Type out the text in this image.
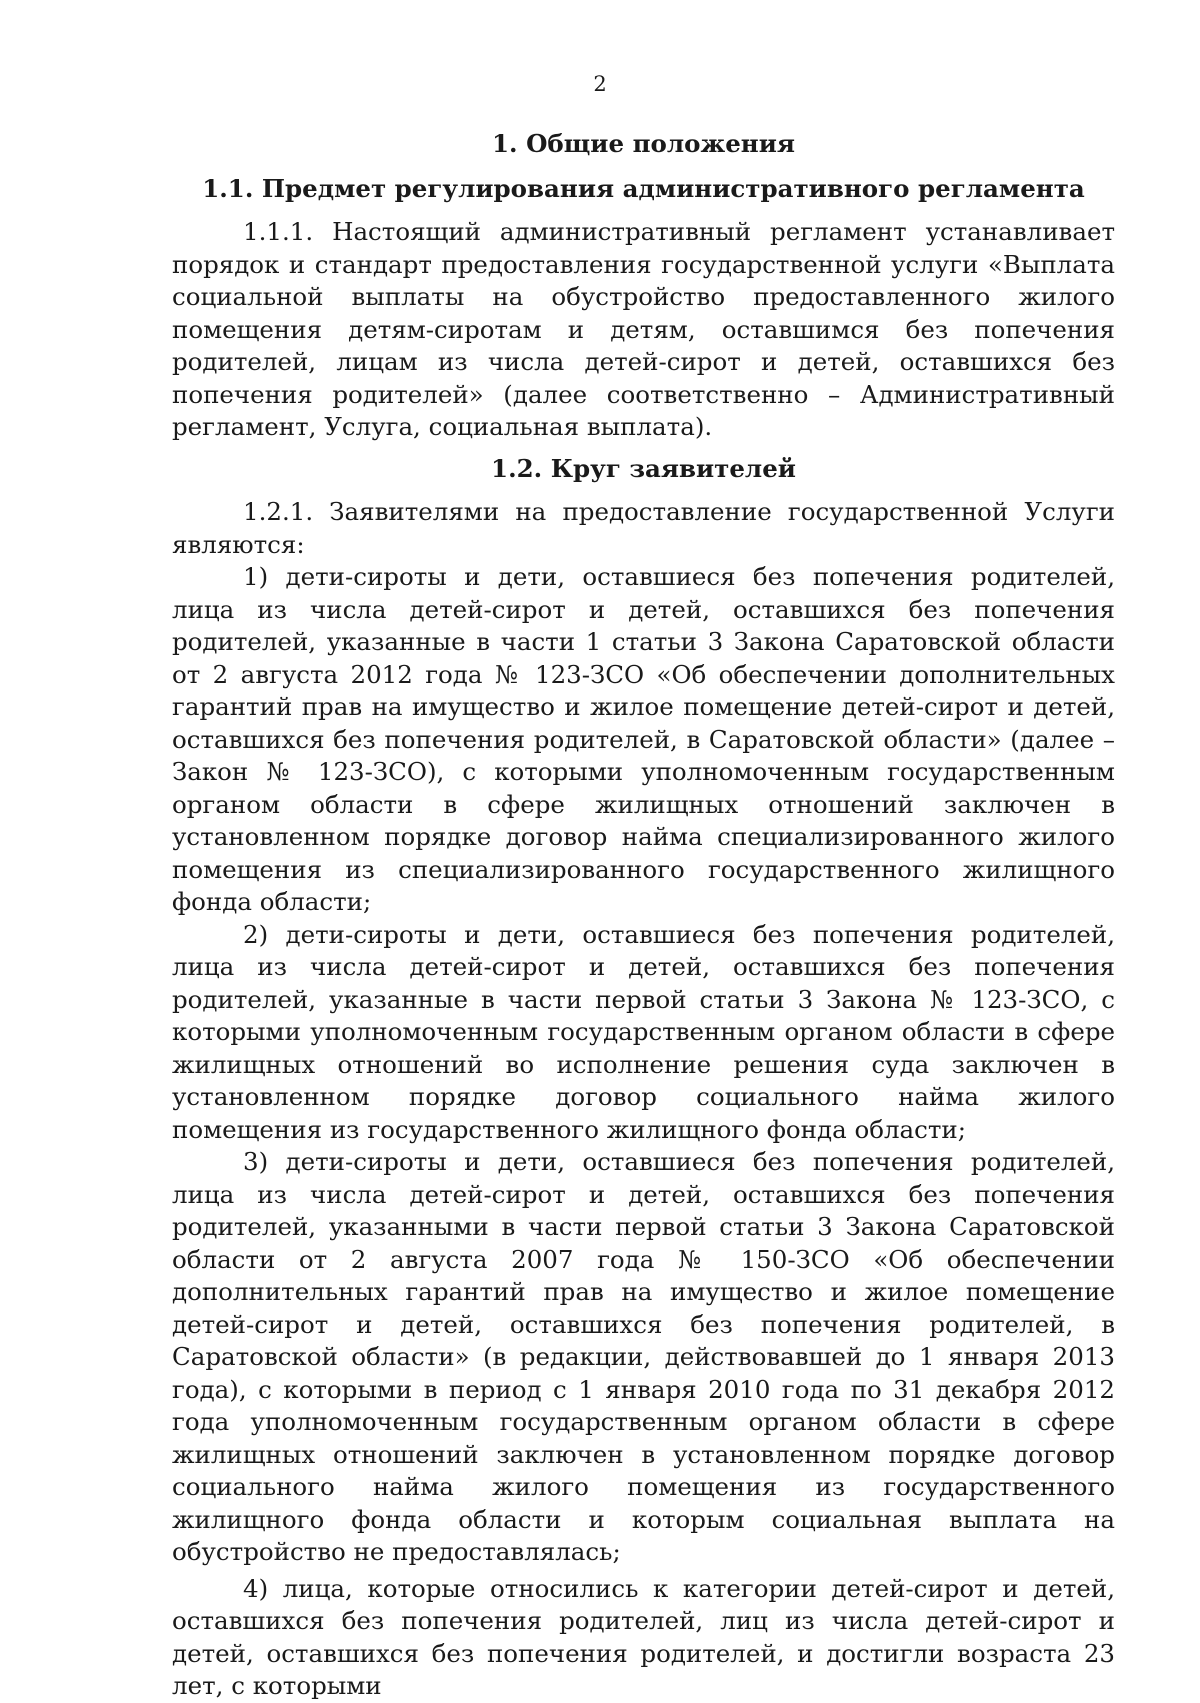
2
1. Общие положения
1.1. Предмет регулирования административного регламента

1.1.1. Настоящий административный регламент устанавливает порядок и стандарт предоставления государственной услуги «Выплата социальной выплаты на обустройство предоставленного жилого помещения детям-сиротам и детям, оставшимся без попечения родителей, лицам из числа детей-сирот и детей, оставшихся без попечения родителей» (далее соответственно – Административный регламент, Услуга, социальная выплата).

1.2. Круг заявителей

1.2.1. Заявителями на предоставление государственной Услуги являются:

1) дети-сироты и дети, оставшиеся без попечения родителей, лица из числа детей-сирот и детей, оставшихся без попечения родителей, указанные в части 1 статьи 3 Закона Саратовской области от 2 августа 2012 года № 123-ЗСО «Об обеспечении дополнительных гарантий прав на имущество и жилое помещение детей-сирот и детей, оставшихся без попечения родителей, в Саратовской области» (далее – Закон № 123-ЗСО), с которыми уполномоченным государственным органом области в сфере жилищных отношений заключен в установленном порядке договор найма специализированного жилого помещения из специализированного государственного жилищного фонда области;

2) дети-сироты и дети, оставшиеся без попечения родителей, лица из числа детей-сирот и детей, оставшихся без попечения родителей, указанные в части первой статьи 3 Закона № 123-ЗСО, с которыми уполномоченным государственным органом области в сфере жилищных отношений во исполнение решения суда заключен в установленном порядке договор социального найма жилого помещения из государственного жилищного фонда области;

3) дети-сироты и дети, оставшиеся без попечения родителей, лица из числа детей-сирот и детей, оставшихся без попечения родителей, указанными в части первой статьи 3 Закона Саратовской области от 2 августа 2007 года № 150-ЗСО «Об обеспечении дополнительных гарантий прав на имущество и жилое помещение детей-сирот и детей, оставшихся без попечения родителей, в Саратовской области» (в редакции, действовавшей до 1 января 2013 года), с которыми в период с 1 января 2010 года по 31 декабря 2012 года уполномоченным государственным органом области в сфере жилищных отношений заключен в установленном порядке договор социального найма жилого помещения из государственного жилищного фонда области и которым социальная выплата на обустройство не предоставлялась;

4) лица, которые относились к категории детей-сирот и детей, оставшихся без попечения родителей, лиц из числа детей-сирот и детей, оставшихся без попечения родителей, и достигли возраста 23 лет, с которыми
